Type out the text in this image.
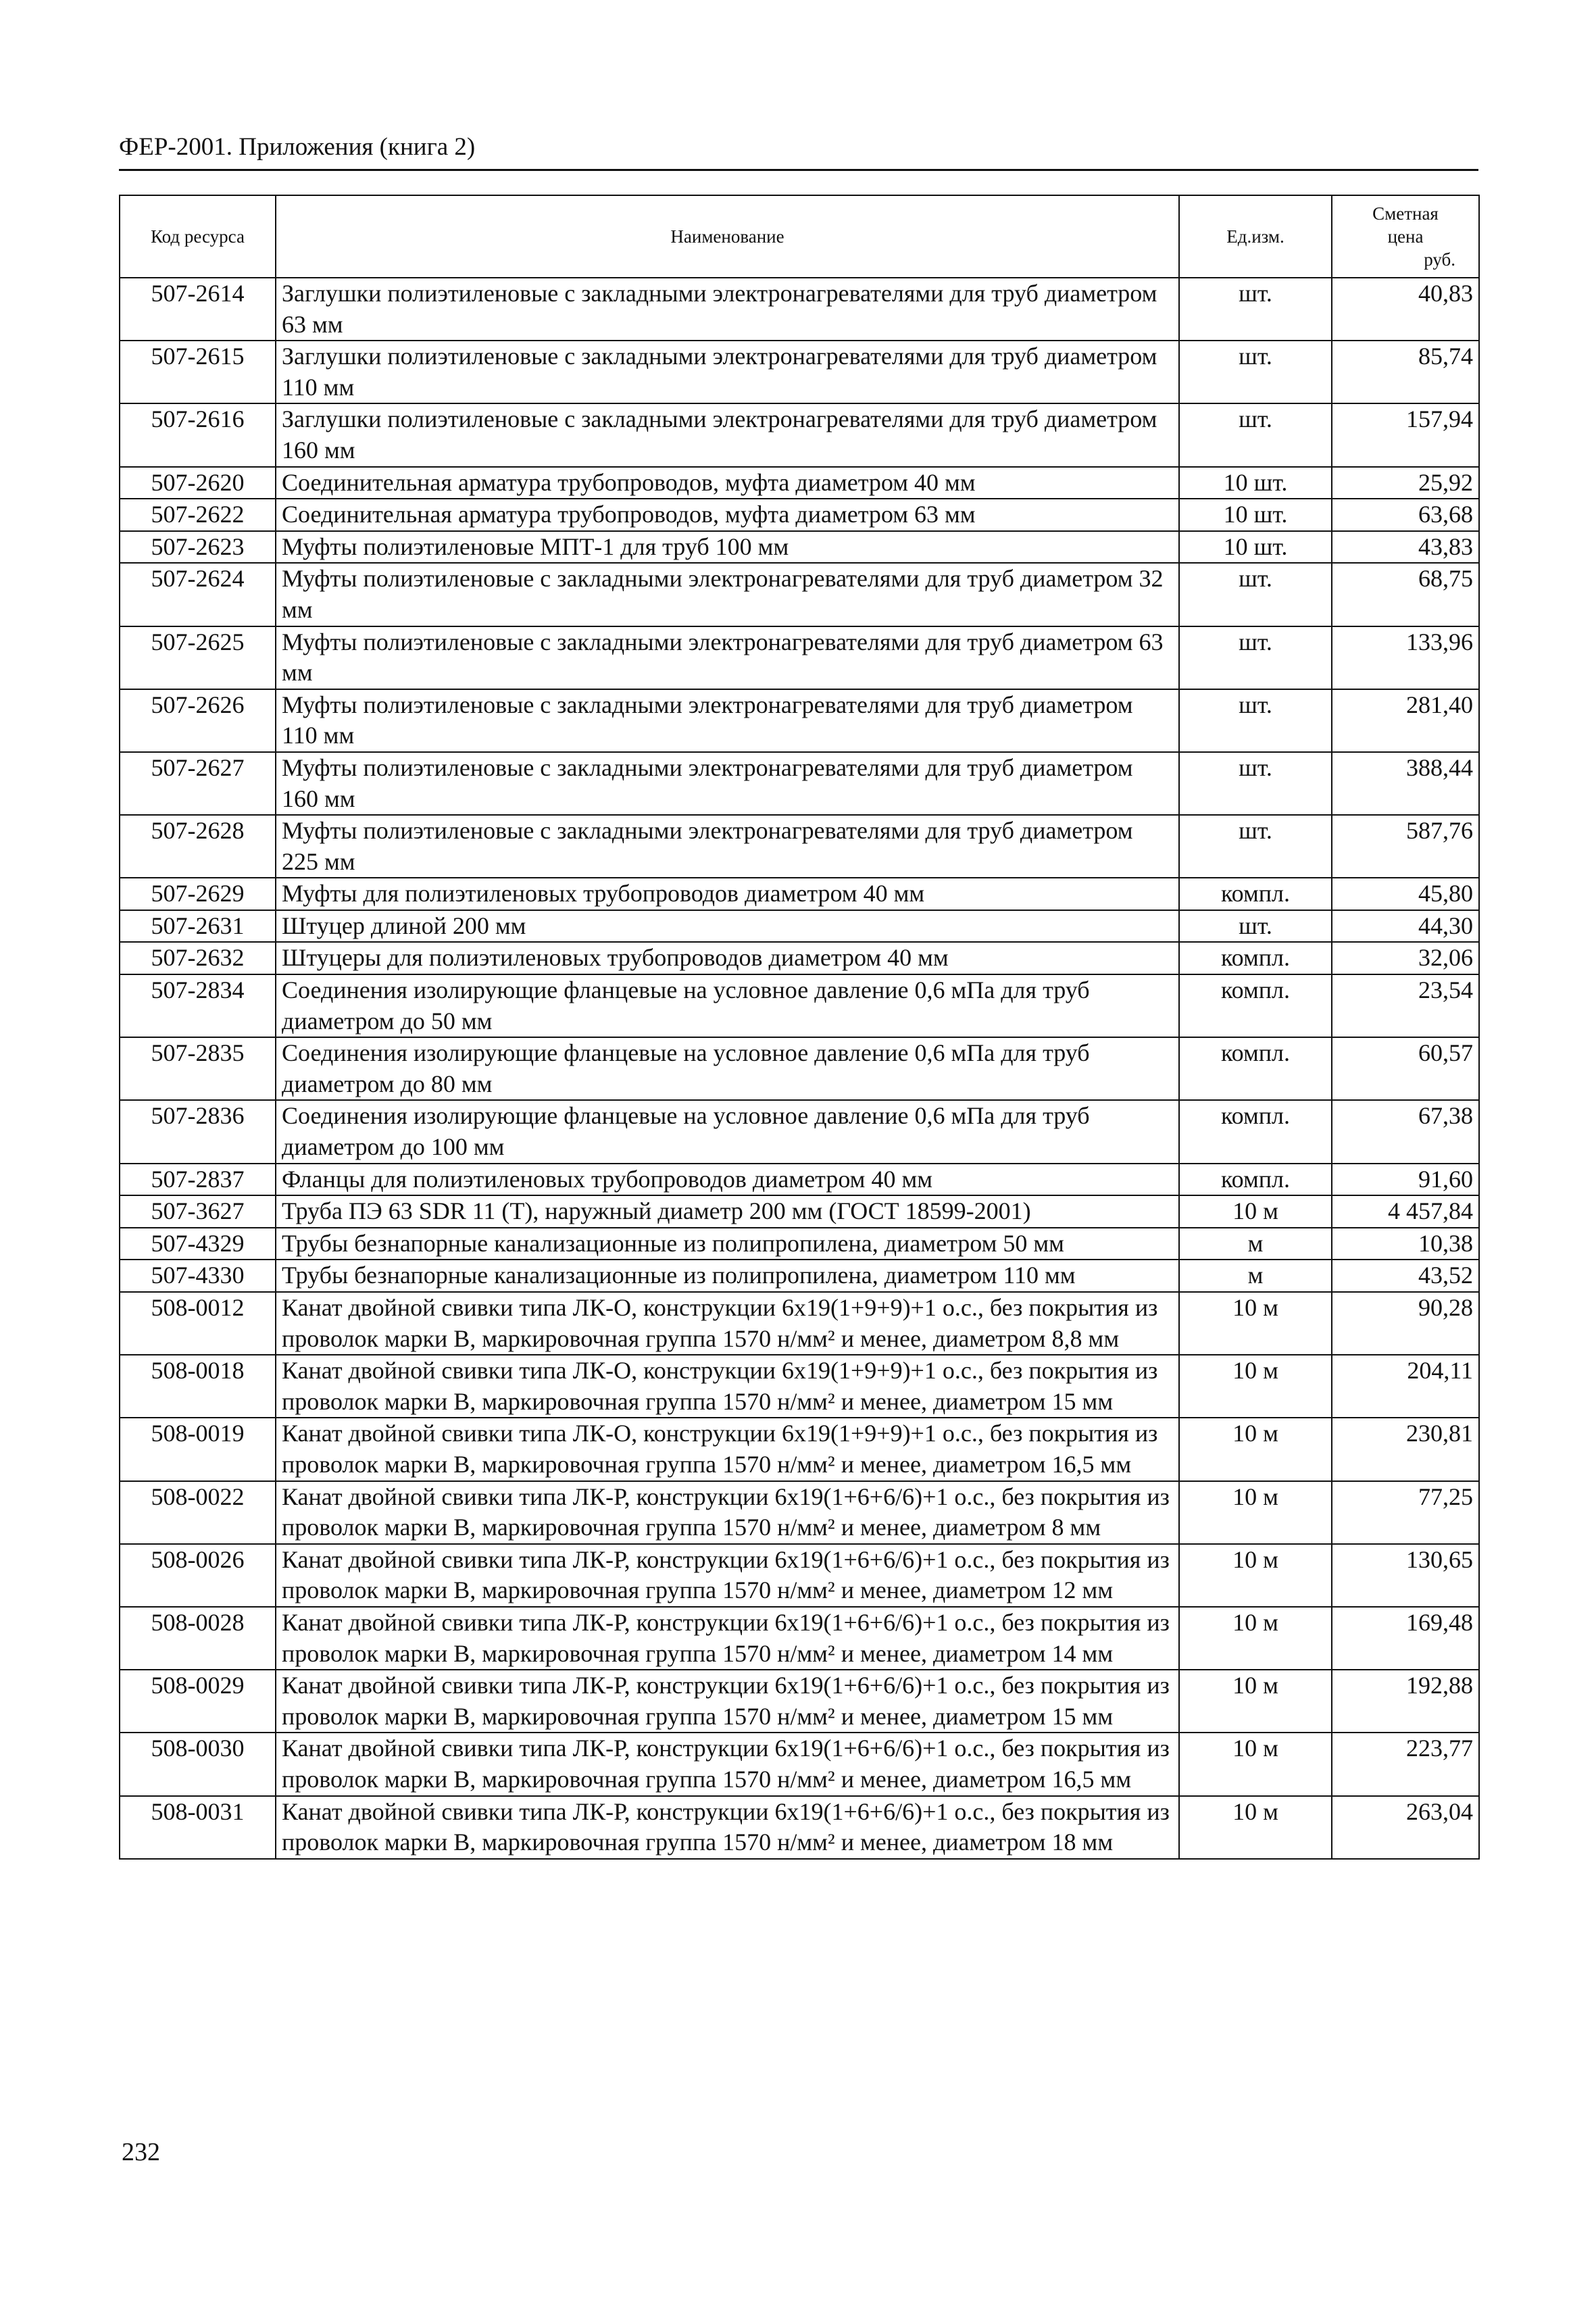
ФЕР-2001. Приложения (книга 2)
Код ресурса	Наименование	Ед.изм.	Сметная
цена
руб.

507-2614	Заглушки полиэтиленовые с закладными электронагревателями для труб диаметром 63 мм	шт.	40,83
507-2615	Заглушки полиэтиленовые с закладными электронагревателями для труб диаметром 110 мм	шт.	85,74
507-2616	Заглушки полиэтиленовые с закладными электронагревателями для труб диаметром 160 мм	шт.	157,94
507-2620	Соединительная арматура трубопроводов, муфта диаметром 40 мм	10 шт.	25,92
507-2622	Соединительная арматура трубопроводов, муфта диаметром 63 мм	10 шт.	63,68
507-2623	Муфты полиэтиленовые МПТ-1 для труб 100 мм	10 шт.	43,83
507-2624	Муфты полиэтиленовые с закладными электронагревателями для труб диаметром 32 мм	шт.	68,75
507-2625	Муфты полиэтиленовые с закладными электронагревателями для труб диаметром 63 мм	шт.	133,96
507-2626	Муфты полиэтиленовые с закладными электронагревателями для труб диаметром 110 мм	шт.	281,40
507-2627	Муфты полиэтиленовые с закладными электронагревателями для труб диаметром 160 мм	шт.	388,44
507-2628	Муфты полиэтиленовые с закладными электронагревателями для труб диаметром 225 мм	шт.	587,76
507-2629	Муфты для полиэтиленовых трубопроводов диаметром 40 мм	компл.	45,80
507-2631	Штуцер длиной 200 мм	шт.	44,30
507-2632	Штуцеры для полиэтиленовых трубопроводов диаметром 40 мм	компл.	32,06
507-2834	Соединения изолирующие фланцевые на условное давление 0,6 мПа для труб диаметром до 50 мм	компл.	23,54
507-2835	Соединения изолирующие фланцевые на условное давление 0,6 мПа для труб диаметром до 80 мм	компл.	60,57
507-2836	Соединения изолирующие фланцевые на условное давление 0,6 мПа для труб диаметром до 100 мм	компл.	67,38
507-2837	Фланцы для полиэтиленовых трубопроводов диаметром 40 мм	компл.	91,60
507-3627	Труба ПЭ 63 SDR 11 (Т), наружный диаметр 200 мм (ГОСТ 18599-2001)	10 м	4 457,84
507-4329	Трубы безнапорные канализационные из полипропилена, диаметром 50 мм	м	10,38
507-4330	Трубы безнапорные канализационные из полипропилена, диаметром 110 мм	м	43,52
508-0012	Канат двойной свивки типа ЛК-О, конструкции 6х19(1+9+9)+1 о.с., без покрытия из проволок марки В, маркировочная группа 1570 н/мм² и менее, диаметром 8,8 мм	10 м	90,28
508-0018	Канат двойной свивки типа ЛК-О, конструкции 6х19(1+9+9)+1 о.с., без покрытия из проволок марки В, маркировочная группа 1570 н/мм² и менее, диаметром 15 мм	10 м	204,11
508-0019	Канат двойной свивки типа ЛК-О, конструкции 6х19(1+9+9)+1 о.с., без покрытия из проволок марки В, маркировочная группа 1570 н/мм² и менее, диаметром 16,5 мм	10 м	230,81
508-0022	Канат двойной свивки типа ЛК-Р, конструкции 6х19(1+6+6/6)+1 о.с., без покрытия из проволок марки В, маркировочная группа 1570 н/мм² и менее, диаметром 8 мм	10 м	77,25
508-0026	Канат двойной свивки типа ЛК-Р, конструкции 6х19(1+6+6/6)+1 о.с., без покрытия из проволок марки В, маркировочная группа 1570 н/мм² и менее, диаметром 12 мм	10 м	130,65
508-0028	Канат двойной свивки типа ЛК-Р, конструкции 6х19(1+6+6/6)+1 о.с., без покрытия из проволок марки В, маркировочная группа 1570 н/мм² и менее, диаметром 14 мм	10 м	169,48
508-0029	Канат двойной свивки типа ЛК-Р, конструкции 6х19(1+6+6/6)+1 о.с., без покрытия из проволок марки В, маркировочная группа 1570 н/мм² и менее, диаметром 15 мм	10 м	192,88
508-0030	Канат двойной свивки типа ЛК-Р, конструкции 6х19(1+6+6/6)+1 о.с., без покрытия из проволок марки В, маркировочная группа 1570 н/мм² и менее, диаметром 16,5 мм	10 м	223,77
508-0031	Канат двойной свивки типа ЛК-Р, конструкции 6х19(1+6+6/6)+1 о.с., без покрытия из проволок марки В, маркировочная группа 1570 н/мм² и менее, диаметром 18 мм	10 м	263,04
232
